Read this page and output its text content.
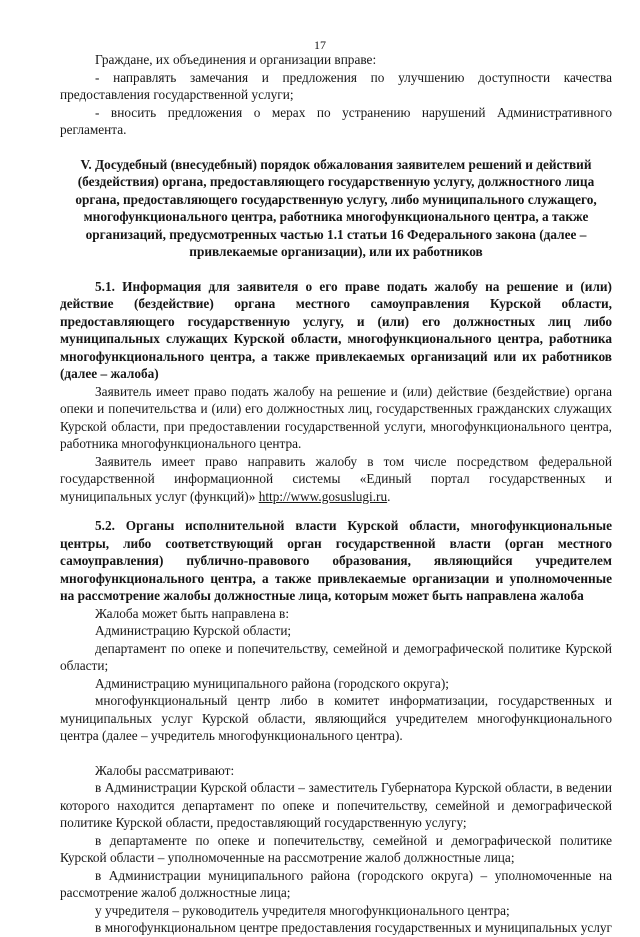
17

Граждане, их объединения и организации вправе:

- направлять замечания и предложения по улучшению доступности качества

предоставления государственной услуги;

- вносить предложения о мерах по устранению нарушений Административного

регламента.

V. Досудебный (внесудебный) порядок обжалования заявителем решений и действий
(бездействия) органа, предоставляющего государственную услугу, должностного лица
органа, предоставляющего государственную услугу, либо муниципального служащего,
многофункционального центра, работника многофункционального центра, а также
организаций, предусмотренных частью 1.1 статьи 16 Федерального закона (далее –
привлекаемые организации), или их работников

5.1. Информация для заявителя о его праве подать жалобу на решение и (или)

действие (бездействие) органа местного самоуправления Курской области,

предоставляющего государственную услугу, и (или) его должностных лиц либо

муниципальных служащих Курской области, многофункционального центра, работника

многофункционального центра, а также привлекаемых организаций или их работников

(далее – жалоба)

Заявитель имеет право подать жалобу на решение и (или) действие (бездействие) органа

опеки и попечительства и (или) его должностных лиц, государственных гражданских служащих

Курской области, при предоставлении государственной услуги, многофункционального центра,

работника многофункционального центра.

Заявитель имеет право направить жалобу в том числе посредством федеральной

государственной информационной системы «Единый портал государственных и

муниципальных услуг (функций)» http://www.gosuslugi.ru.

5.2. Органы исполнительной власти Курской области, многофункциональные

центры, либо соответствующий орган государственной власти (орган местного

самоуправления) публично-правового образования, являющийся учредителем

многофункционального центра, а также привлекаемые организации и уполномоченные

на рассмотрение жалобы должностные лица, которым может быть направлена жалоба

Жалоба может быть направлена в:

Администрацию Курской области;

департамент по опеке и попечительству, семейной и демографической политике Курской

области;

Администрацию муниципального района (городского округа);

многофункциональный центр либо в комитет информатизации, государственных и

муниципальных услуг Курской области, являющийся учредителем многофункционального

центра (далее – учредитель многофункционального центра).

Жалобы рассматривают:

в Администрации Курской области – заместитель Губернатора Курской области, в ведении

которого находится департамент по опеке и попечительству, семейной и демографической

политике Курской области, предоставляющий государственную услугу;

в департаменте по опеке и попечительству, семейной и демографической политике

Курской области – уполномоченные на рассмотрение жалоб должностные лица;

в Администрации муниципального района (городского округа) – уполномоченные на

рассмотрение жалоб должностные лица;

у учредителя – руководитель учредителя многофункционального центра;

в многофункциональном центре предоставления государственных и муниципальных услуг
